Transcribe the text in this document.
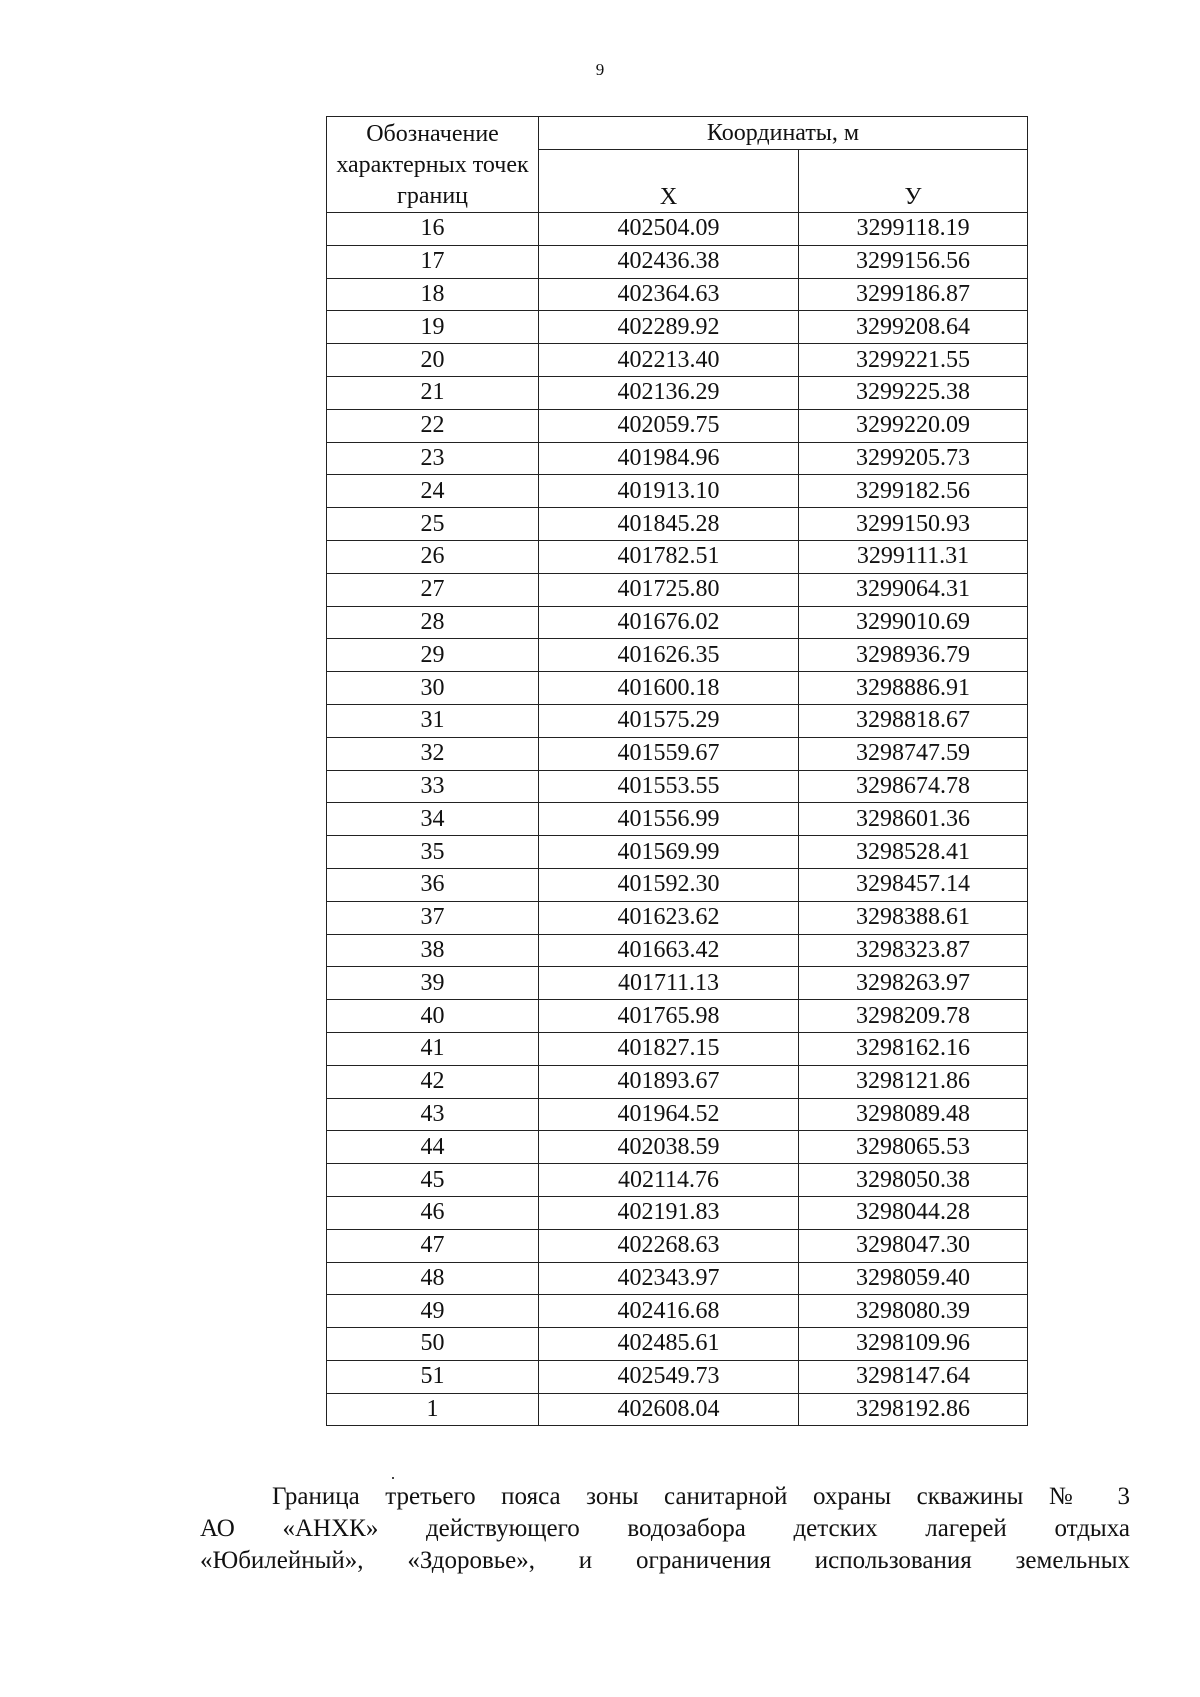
9
Обозначение характерных точек границ	Координаты, м	
	Х	У
16	402504.09	3299118.19
17	402436.38	3299156.56
18	402364.63	3299186.87
19	402289.92	3299208.64
20	402213.40	3299221.55
21	402136.29	3299225.38
22	402059.75	3299220.09
23	401984.96	3299205.73
24	401913.10	3299182.56
25	401845.28	3299150.93
26	401782.51	3299111.31
27	401725.80	3299064.31
28	401676.02	3299010.69
29	401626.35	3298936.79
30	401600.18	3298886.91
31	401575.29	3298818.67
32	401559.67	3298747.59
33	401553.55	3298674.78
34	401556.99	3298601.36
35	401569.99	3298528.41
36	401592.30	3298457.14
37	401623.62	3298388.61
38	401663.42	3298323.87
39	401711.13	3298263.97
40	401765.98	3298209.78
41	401827.15	3298162.16
42	401893.67	3298121.86
43	401964.52	3298089.48
44	402038.59	3298065.53
45	402114.76	3298050.38
46	402191.83	3298044.28
47	402268.63	3298047.30
48	402343.97	3298059.40
49	402416.68	3298080.39
50	402485.61	3298109.96
51	402549.73	3298147.64
1	402608.04	3298192.86
Граница третьего пояса зоны санитарной охраны скважины № 3
АО «АНХК» действующего водозабора детских лагерей отдыха
«Юбилейный», «Здоровье», и ограничения использования земельных
